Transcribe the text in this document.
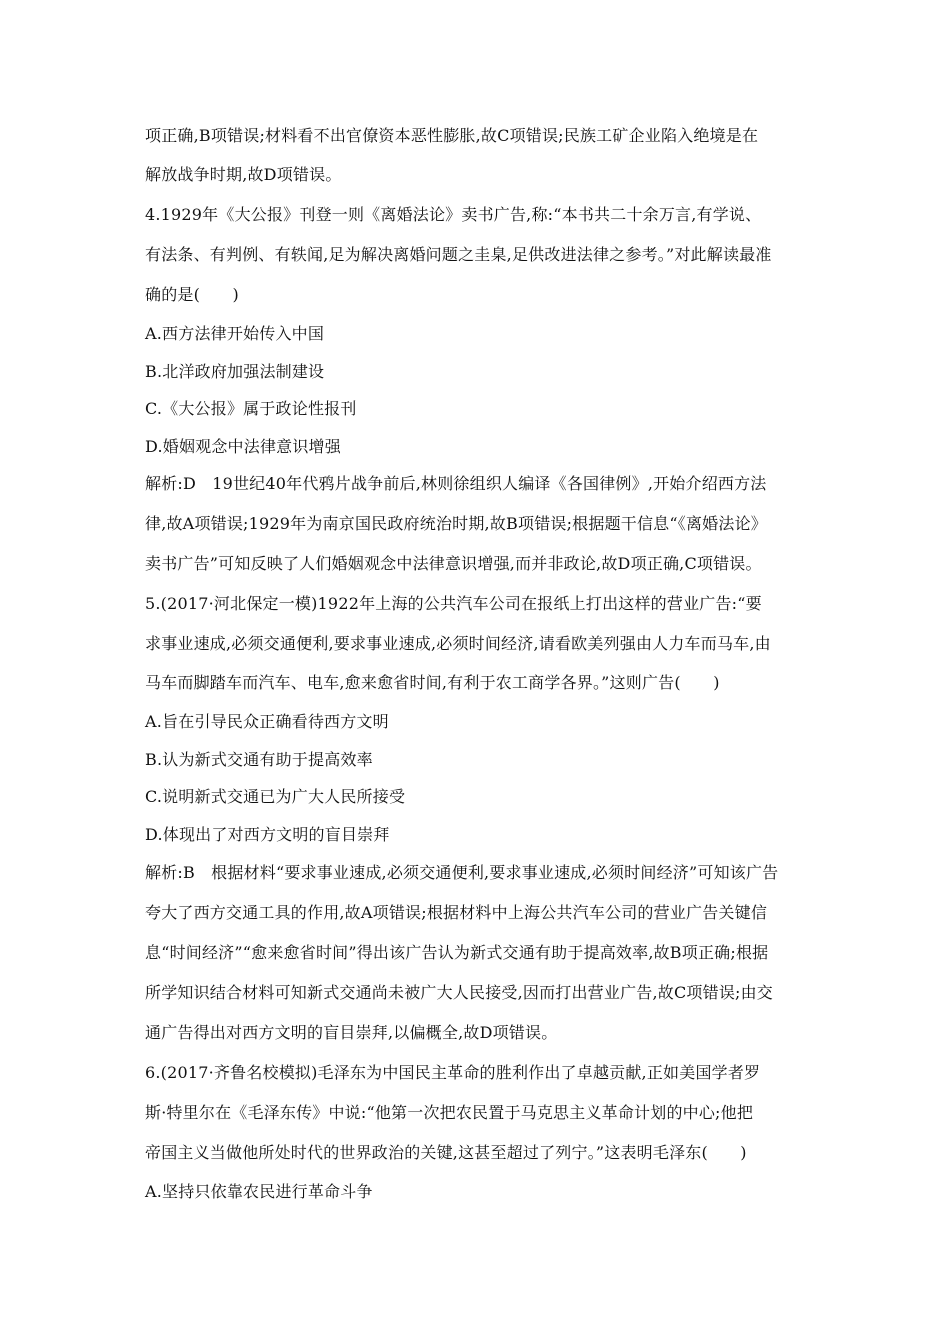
项正确,B项错误;材料看不出官僚资本恶性膨胀,故C项错误;民族工矿企业陷入绝境是在
解放战争时期,故D项错误。
4.1929年《大公报》刊登一则《离婚法论》卖书广告,称:“本书共二十余万言,有学说、
有法条、有判例、有轶闻,足为解决离婚问题之圭臬,足供改进法律之参考。”对此解读最准
确的是(　　)
A.西方法律开始传入中国
B.北洋政府加强法制建设
C.《大公报》属于政论性报刊
D.婚姻观念中法律意识增强
解析:D　19世纪40年代鸦片战争前后,林则徐组织人编译《各国律例》,开始介绍西方法
律,故A项错误;1929年为南京国民政府统治时期,故B项错误;根据题干信息“《离婚法论》
卖书广告”可知反映了人们婚姻观念中法律意识增强,而并非政论,故D项正确,C项错误。
5.(2017·河北保定一模)1922年上海的公共汽车公司在报纸上打出这样的营业广告:“要
求事业速成,必须交通便利,要求事业速成,必须时间经济,请看欧美列强由人力车而马车,由
马车而脚踏车而汽车、电车,愈来愈省时间,有利于农工商学各界。”这则广告(　　)
A.旨在引导民众正确看待西方文明
B.认为新式交通有助于提高效率
C.说明新式交通已为广大人民所接受
D.体现出了对西方文明的盲目崇拜
解析:B　根据材料“要求事业速成,必须交通便利,要求事业速成,必须时间经济”可知该广告
夸大了西方交通工具的作用,故A项错误;根据材料中上海公共汽车公司的营业广告关键信
息“时间经济”“愈来愈省时间”得出该广告认为新式交通有助于提高效率,故B项正确;根据
所学知识结合材料可知新式交通尚未被广大人民接受,因而打出营业广告,故C项错误;由交
通广告得出对西方文明的盲目崇拜,以偏概全,故D项错误。
6.(2017·齐鲁名校模拟)毛泽东为中国民主革命的胜利作出了卓越贡献,正如美国学者罗
斯·特里尔在《毛泽东传》中说:“他第一次把农民置于马克思主义革命计划的中心;他把
帝国主义当做他所处时代的世界政治的关键,这甚至超过了列宁。”这表明毛泽东(　　)
A.坚持只依靠农民进行革命斗争
